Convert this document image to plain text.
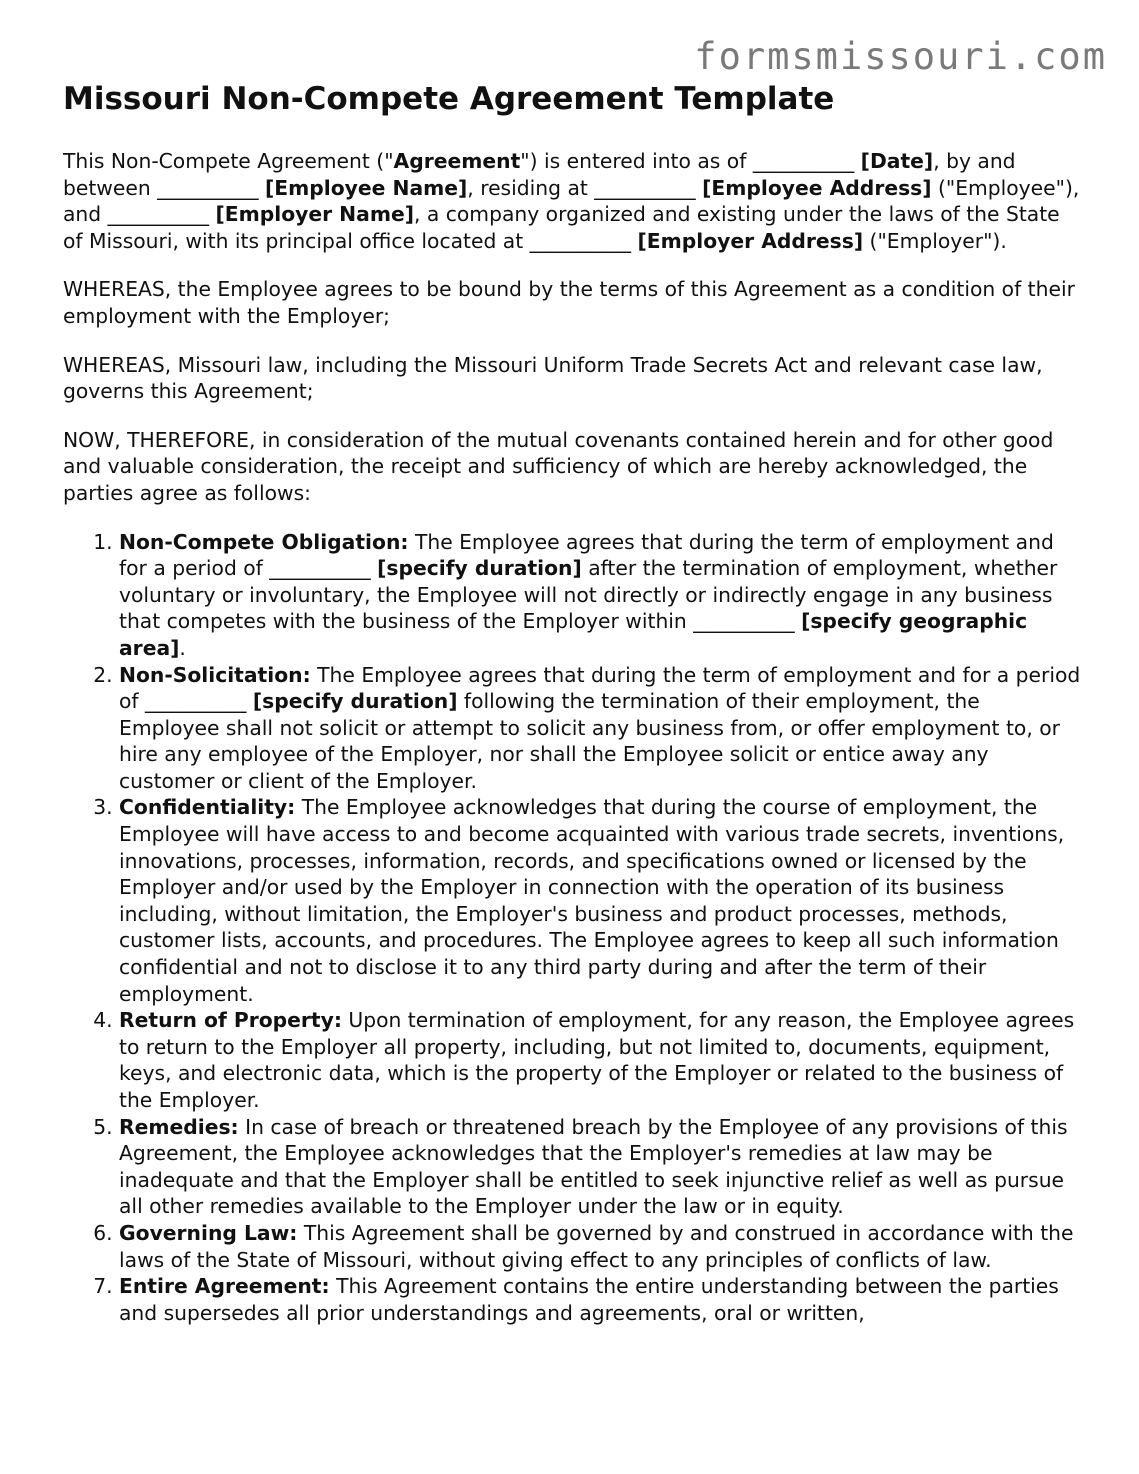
formsmissouri.com
Missouri Non-Compete Agreement Template

This Non-Compete Agreement ("Agreement") is entered into as of __________ [Date], by and between __________ [Employee Name], residing at __________ [Employee Address] ("Employee"), and __________ [Employer Name], a company organized and existing under the laws of the State of Missouri, with its principal office located at __________ [Employer Address] ("Employer").

WHEREAS, the Employee agrees to be bound by the terms of this Agreement as a condition of their employment with the Employer;

WHEREAS, Missouri law, including the Missouri Uniform Trade Secrets Act and relevant case law, governs this Agreement;

NOW, THEREFORE, in consideration of the mutual covenants contained herein and for other good and valuable consideration, the receipt and sufficiency of which are hereby acknowledged, the parties agree as follows:

1. Non-Compete Obligation: The Employee agrees that during the term of employment and for a period of __________ [specify duration] after the termination of employment, whether voluntary or involuntary, the Employee will not directly or indirectly engage in any business that competes with the business of the Employer within __________ [specify geographic area].
2. Non-Solicitation: The Employee agrees that during the term of employment and for a period of __________ [specify duration] following the termination of their employment, the Employee shall not solicit or attempt to solicit any business from, or offer employment to, or hire any employee of the Employer, nor shall the Employee solicit or entice away any customer or client of the Employer.
3. Confidentiality: The Employee acknowledges that during the course of employment, the Employee will have access to and become acquainted with various trade secrets, inventions, innovations, processes, information, records, and specifications owned or licensed by the Employer and/or used by the Employer in connection with the operation of its business including, without limitation, the Employer's business and product processes, methods, customer lists, accounts, and procedures. The Employee agrees to keep all such information confidential and not to disclose it to any third party during and after the term of their employment.
4. Return of Property: Upon termination of employment, for any reason, the Employee agrees to return to the Employer all property, including, but not limited to, documents, equipment, keys, and electronic data, which is the property of the Employer or related to the business of the Employer.
5. Remedies: In case of breach or threatened breach by the Employee of any provisions of this Agreement, the Employee acknowledges that the Employer's remedies at law may be inadequate and that the Employer shall be entitled to seek injunctive relief as well as pursue all other remedies available to the Employer under the law or in equity.
6. Governing Law: This Agreement shall be governed by and construed in accordance with the laws of the State of Missouri, without giving effect to any principles of conflicts of law.
7. Entire Agreement: This Agreement contains the entire understanding between the parties and supersedes all prior understandings and agreements, oral or written,
